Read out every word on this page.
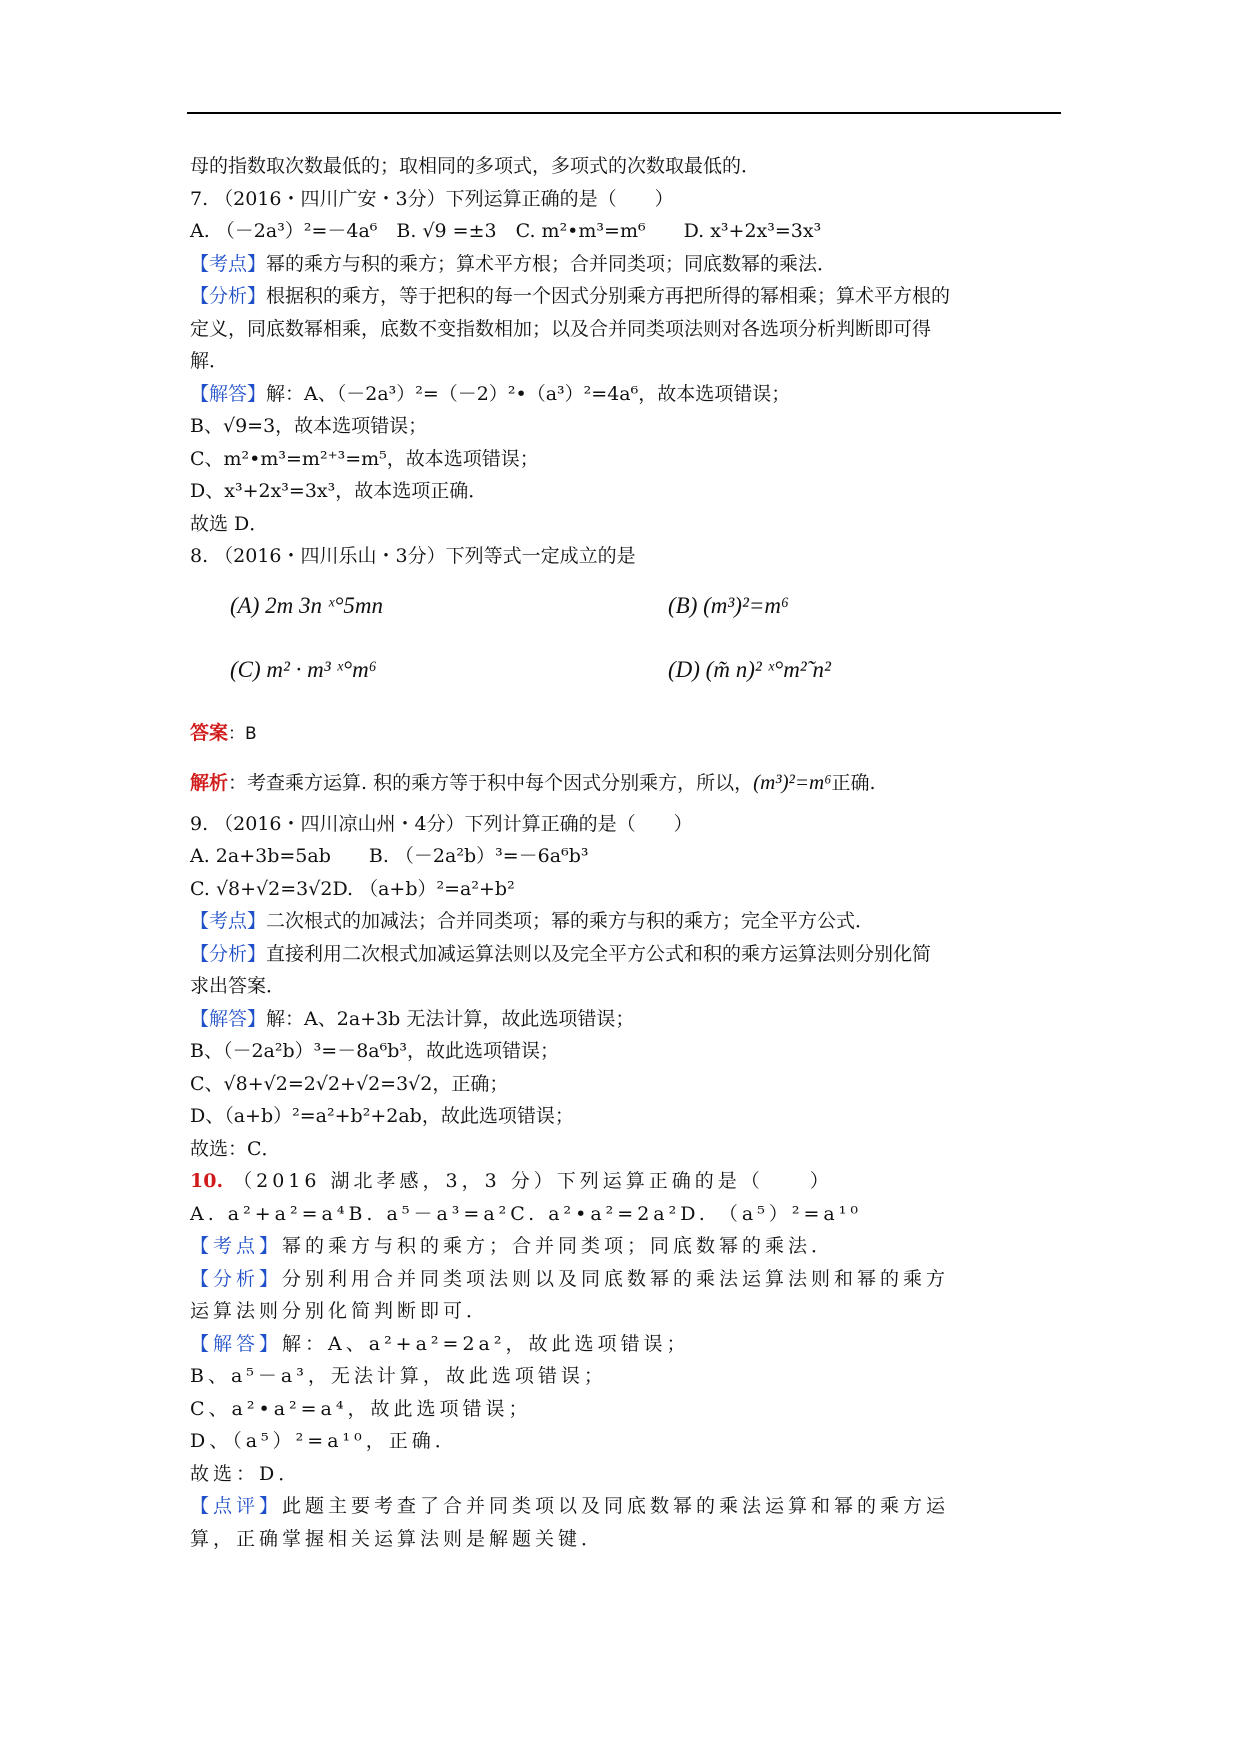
母的指数取次数最低的；取相同的多项式，多项式的次数取最低的．
7. （2016・四川广安・3分）下列运算正确的是（　　）
A. （－2a³）²=－4a⁶　B. √9 =±3　C. m²•m³=m⁶　　D. x³+2x³=3x³
【考点】幂的乘方与积的乘方；算术平方根；合并同类项；同底数幂的乘法．
【分析】根据积的乘方，等于把积的每一个因式分别乘方再把所得的幂相乘；算术平方根的
定义，同底数幂相乘，底数不变指数相加；以及合并同类项法则对各选项分析判断即可得
解．
【解答】解：A、（－2a³）²=（－2）²•（a³）²=4a⁶，故本选项错误；
B、√9=3，故本选项错误；
C、m²•m³=m²⁺³=m⁵，故本选项错误；
D、x³+2x³=3x³，故本选项正确．
故选 D．
8. （2016・四川乐山・3分）下列等式一定成立的是
(A) 2m 3n ˣ°5mn	(B) (m³)²=m⁶
(C) m² · m³ ˣ°m⁶	(D) (m̃ n)² ˣ°m²̃ n²
答案：B
解析：考查乘方运算. 积的乘方等于积中每个因式分别乘方，所以，(m³)²=m⁶正确.
9. （2016・四川凉山州・4分）下列计算正确的是（　　）
A. 2a+3b=5ab　　B. （－2a²b）³=－6a⁶b³
C. √8+√2=3√2D. （a+b）²=a²+b²
【考点】二次根式的加减法；合并同类项；幂的乘方与积的乘方；完全平方公式．
【分析】直接利用二次根式加减运算法则以及完全平方公式和积的乘方运算法则分别化简
求出答案．
【解答】解：A、2a+3b 无法计算，故此选项错误；
B、（－2a²b）³=－8a⁶b³，故此选项错误；
C、√8+√2=2√2+√2=3√2，正确；
D、（a+b）²=a²+b²+2ab，故此选项错误；
故选：C．
10. （2016 湖北孝感，3，3 分）下列运算正确的是（　　）
A. a²+a²=a⁴B. a⁵－a³=a²C. a²•a²=2a²D. （a⁵）²=a¹⁰
【考点】幂的乘方与积的乘方；合并同类项；同底数幂的乘法．
【分析】分别利用合并同类项法则以及同底数幂的乘法运算法则和幂的乘方
运算法则分别化简判断即可．
【解答】解：A、a²+a²=2a²，故此选项错误；
B、a⁵－a³，无法计算，故此选项错误；
C、a²•a²=a⁴，故此选项错误；
D、（a⁵）²=a¹⁰，正确．
故选：D．
【点评】此题主要考查了合并同类项以及同底数幂的乘法运算和幂的乘方运
算，正确掌握相关运算法则是解题关键．
